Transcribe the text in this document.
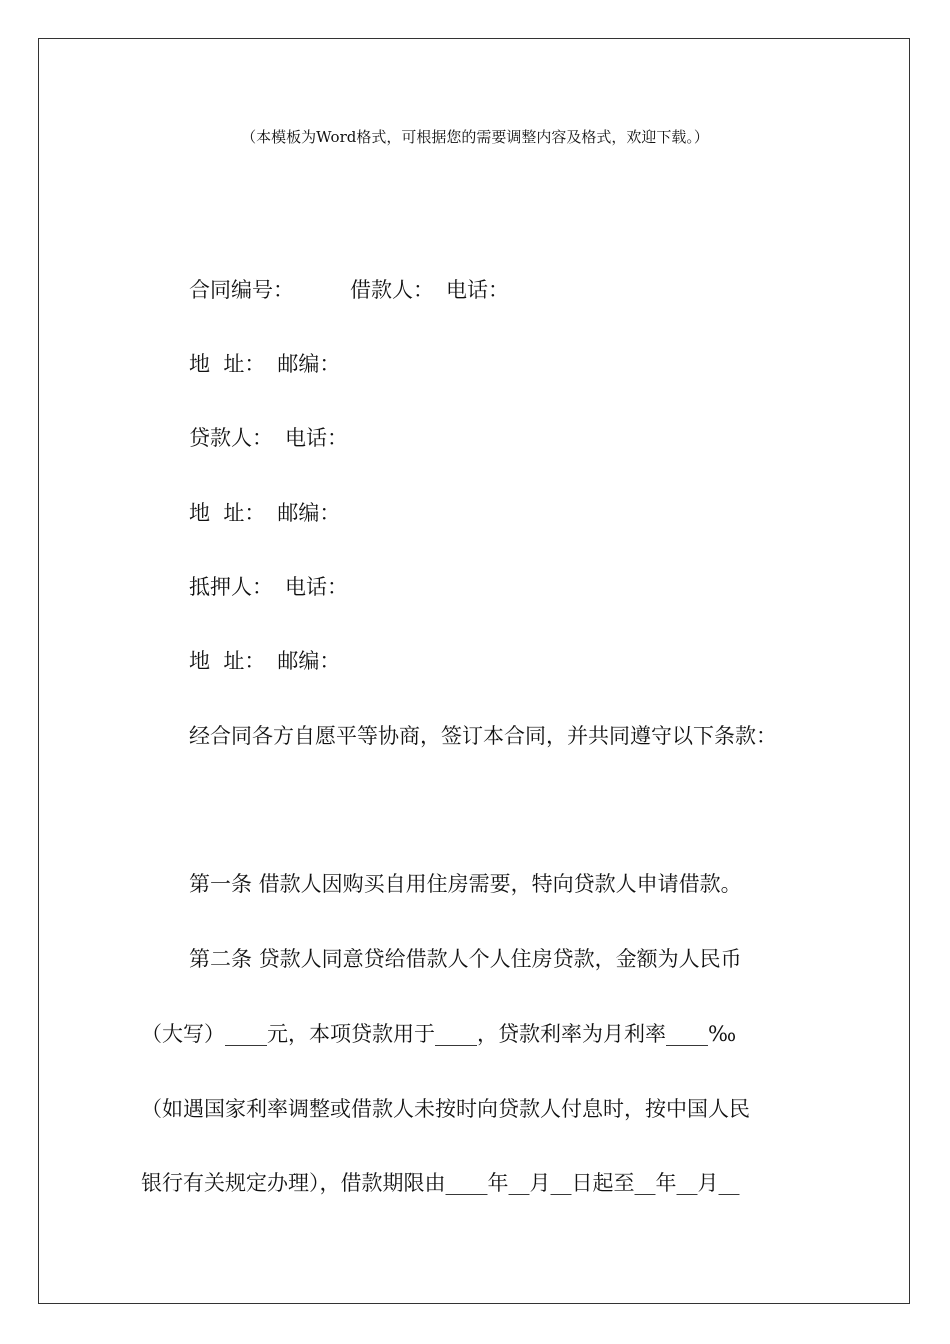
（本模板为Word格式，可根据您的需要调整内容及格式，欢迎下载。）
合同编号：	借款人： 电话：
地  址： 邮编：
贷款人： 电话：
地  址： 邮编：
抵押人： 电话：
地  址： 邮编：
经合同各方自愿平等协商，签订本合同，并共同遵守以下条款：
第一条 借款人因购买自用住房需要，特向贷款人申请借款。
第二条 贷款人同意贷给借款人个人住房贷款，金额为人民币
（大写）____元，本项贷款用于____，贷款利率为月利率____‰
（如遇国家利率调整或借款人未按时向贷款人付息时，按中国人民
银行有关规定办理），借款期限由____年__月__日起至__年__月__
